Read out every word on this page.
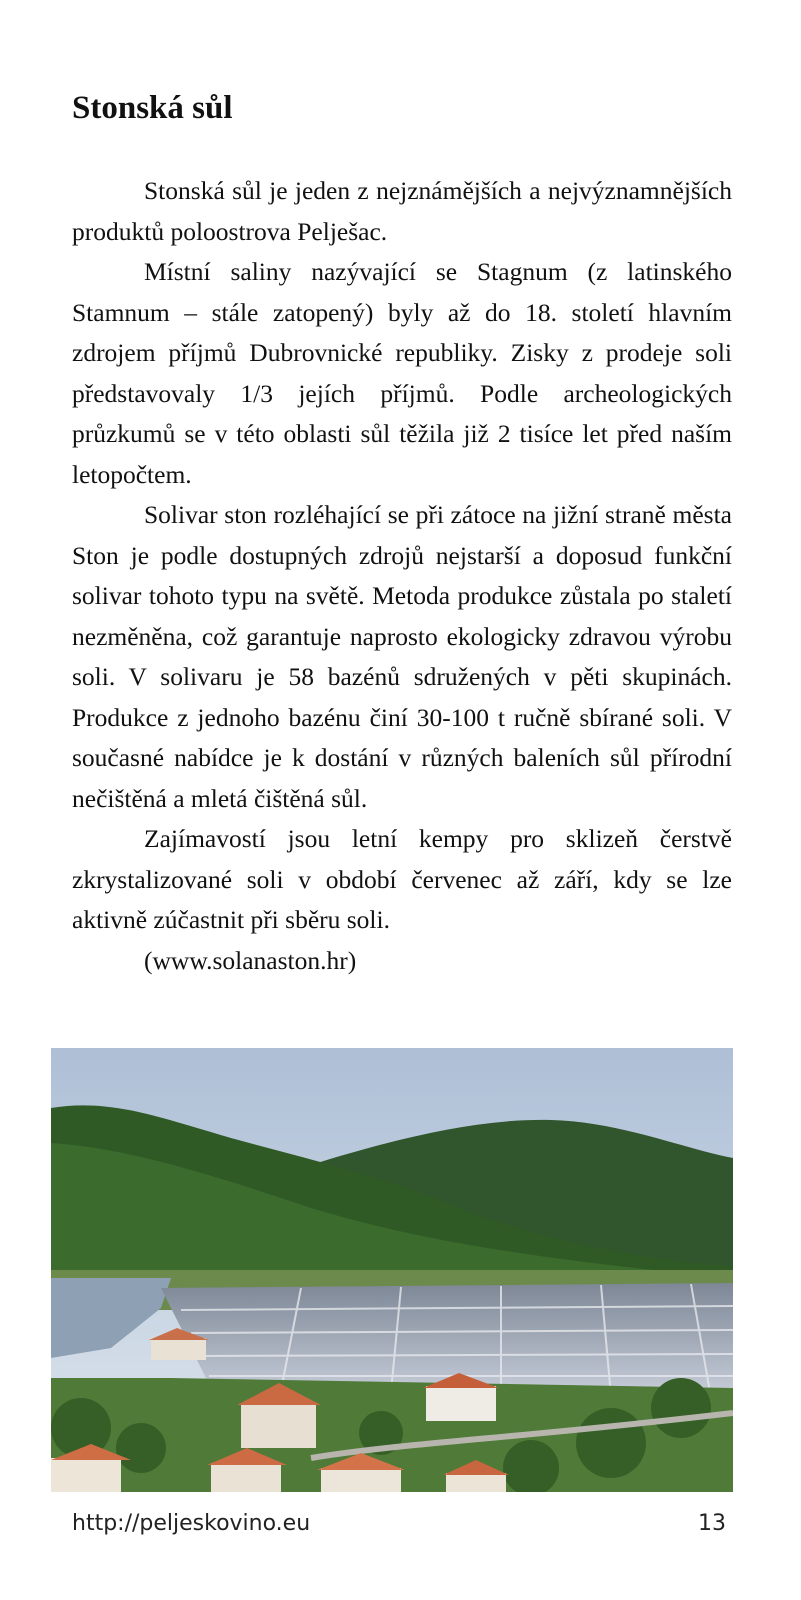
Stonská sůl

Stonská sůl je jeden z nejznámějších a nejvýznamnějších produktů poloostrova Pelješac.

Místní saliny nazývající se Stagnum (z latinského Stamnum – stále zatopený) byly až do 18. století hlavním zdrojem příjmů Dubrovnické republiky. Zisky z prodeje soli představovaly 1/3 jejích příjmů. Podle archeologických průzkumů se v této oblasti sůl těžila již 2 tisíce let před naším letopočtem.

Solivar ston rozléhající se při zátoce na jižní straně města Ston je podle dostupných zdrojů nejstarší a doposud funkční solivar tohoto typu na světě. Metoda produkce zůstala po staletí nezměněna, což garantuje naprosto ekologicky zdravou výrobu soli. V solivaru je 58 bazénů sdružených v pěti skupinách. Produkce z jednoho bazénu činí 30-100 t ručně sbírané soli. V současné nabídce je k dostání v různých baleních sůl přírodní nečištěná a mletá čištěná sůl.

Zajímavostí jsou letní kempy pro sklizeň čerstvě zkrystalizované soli v období červenec až září, kdy se lze aktivně zúčastnit při sběru soli.

(www.solanaston.hr)

http://peljeskovino.eu	13
